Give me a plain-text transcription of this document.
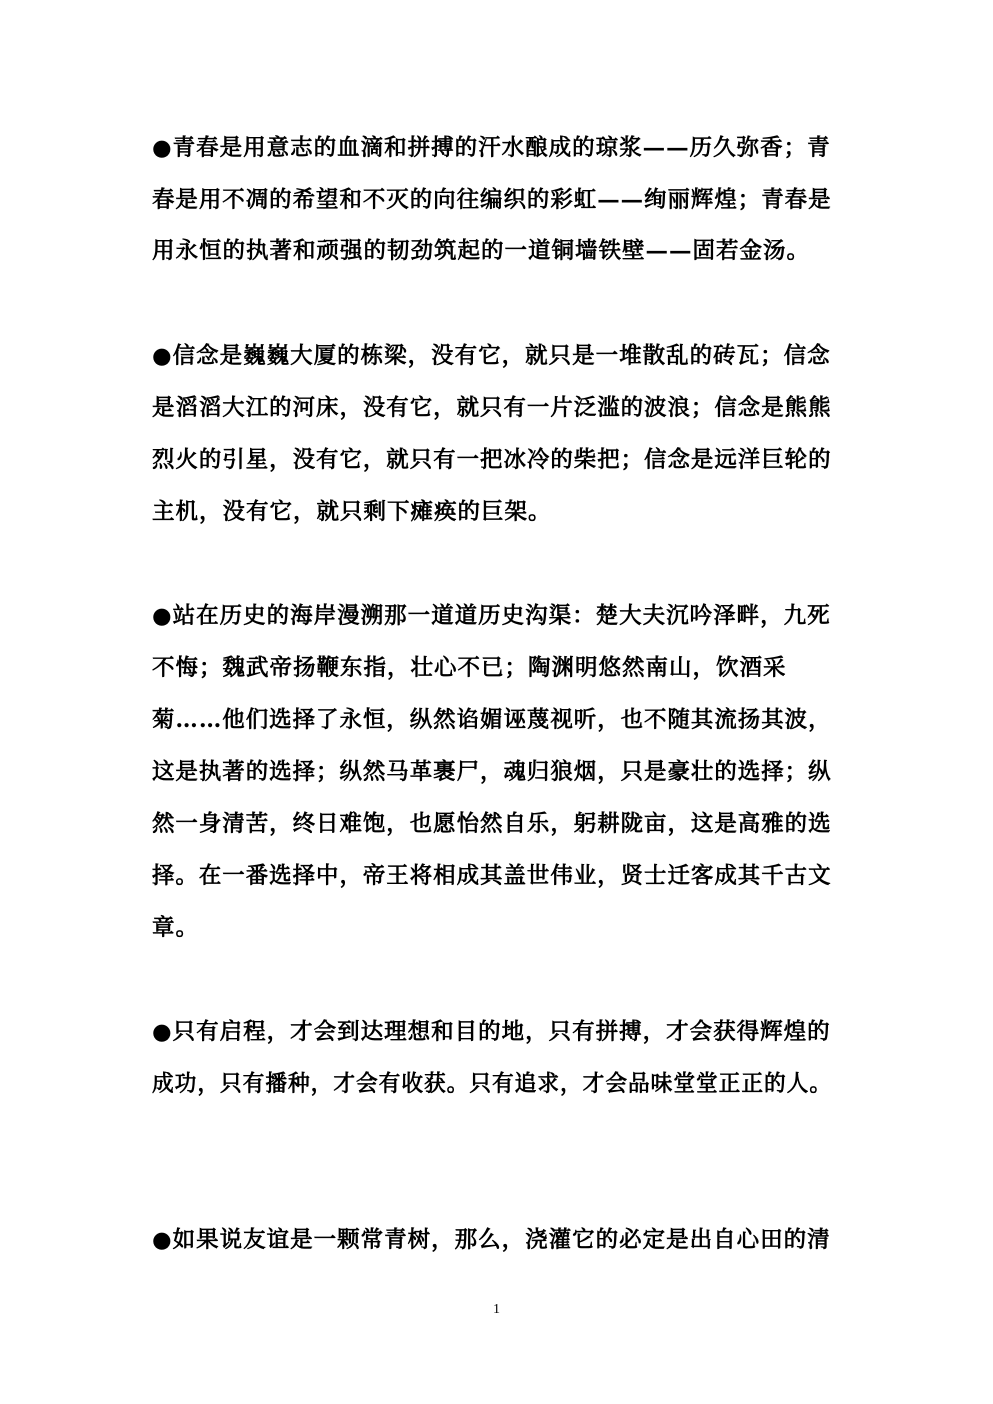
●青春是用意志的血滴和拼搏的汗水酿成的琼浆——历久弥香；青
春是用不凋的希望和不灭的向往编织的彩虹——绚丽辉煌；青春是
用永恒的执著和顽强的韧劲筑起的一道铜墙铁壁——固若金汤。
●信念是巍巍大厦的栋梁，没有它，就只是一堆散乱的砖瓦；信念
是滔滔大江的河床，没有它，就只有一片泛滥的波浪；信念是熊熊
烈火的引星，没有它，就只有一把冰冷的柴把；信念是远洋巨轮的
主机，没有它，就只剩下瘫痪的巨架。
●站在历史的海岸漫溯那一道道历史沟渠：楚大夫沉吟泽畔，九死
不悔；魏武帝扬鞭东指，壮心不已；陶渊明悠然南山，饮酒采
菊……他们选择了永恒，纵然谄媚诬蔑视听，也不随其流扬其波，
这是执著的选择；纵然马革裹尸，魂归狼烟，只是豪壮的选择；纵
然一身清苦，终日难饱，也愿怡然自乐，躬耕陇亩，这是高雅的选
择。在一番选择中，帝王将相成其盖世伟业，贤士迁客成其千古文
章。
●只有启程，才会到达理想和目的地，只有拼搏，才会获得辉煌的
成功，只有播种，才会有收获。只有追求，才会品味堂堂正正的人。
●如果说友谊是一颗常青树，那么，浇灌它的必定是出自心田的清
1
